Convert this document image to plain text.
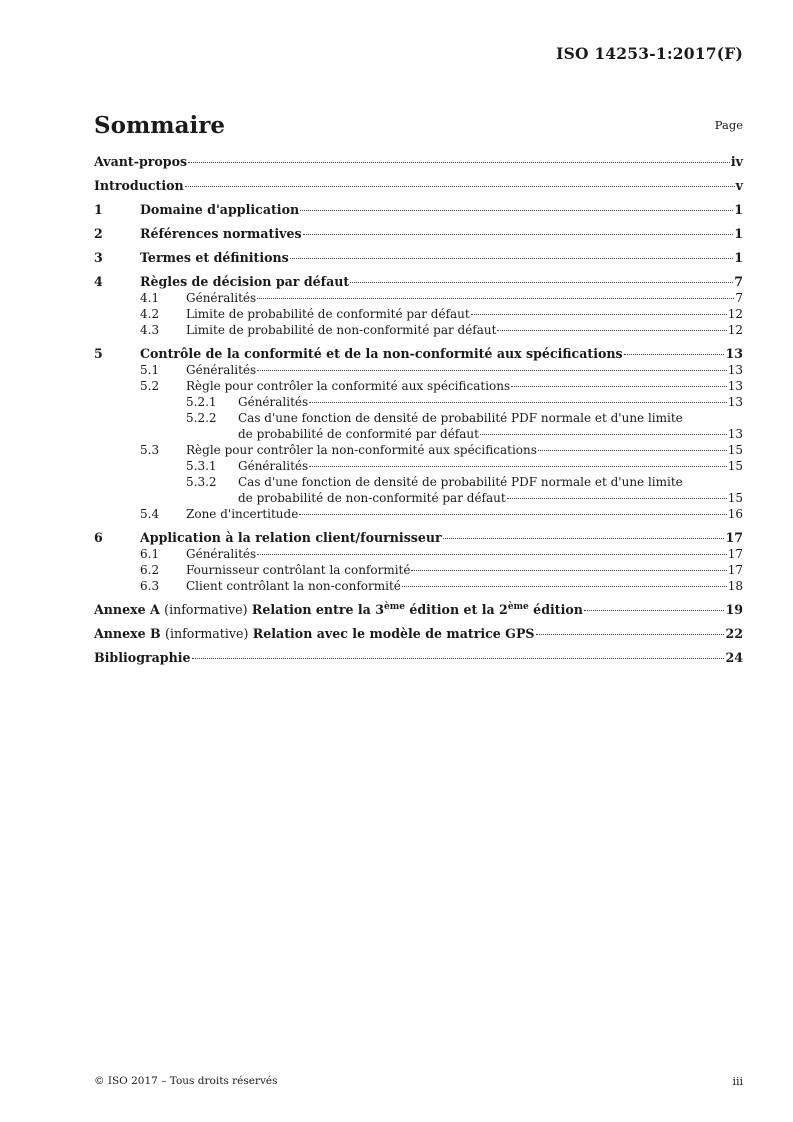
ISO 14253-1:2017(F)
Sommaire	Page
Avant-propos	iv
Introduction	v
1	Domaine d'application	1
2	Références normatives	1
3	Termes et définitions	1
4	Règles de décision par défaut	7
4.1 Généralités	7
4.2 Limite de probabilité de conformité par défaut	12
4.3 Limite de probabilité de non-conformité par défaut	12
5	Contrôle de la conformité et de la non-conformité aux spécifications	13
5.1 Généralités	13
5.2 Règle pour contrôler la conformité aux spécifications	13
5.2.1 Généralités	13
5.2.2 Cas d'une fonction de densité de probabilité PDF normale et d'une limite
de probabilité de conformité par défaut	13
5.3 Règle pour contrôler la non-conformité aux spécifications	15
5.3.1 Généralités	15
5.3.2 Cas d'une fonction de densité de probabilité PDF normale et d'une limite
de probabilité de non-conformité par défaut	15
5.4 Zone d'incertitude	16
6	Application à la relation client/fournisseur	17
6.1 Généralités	17
6.2 Fournisseur contrôlant la conformité	17
6.3 Client contrôlant la non-conformité	18
Annexe A (informative) Relation entre la 3ème édition et la 2ème édition	19
Annexe B (informative) Relation avec le modèle de matrice GPS	22
Bibliographie	24
© ISO 2017 – Tous droits réservés	iii
